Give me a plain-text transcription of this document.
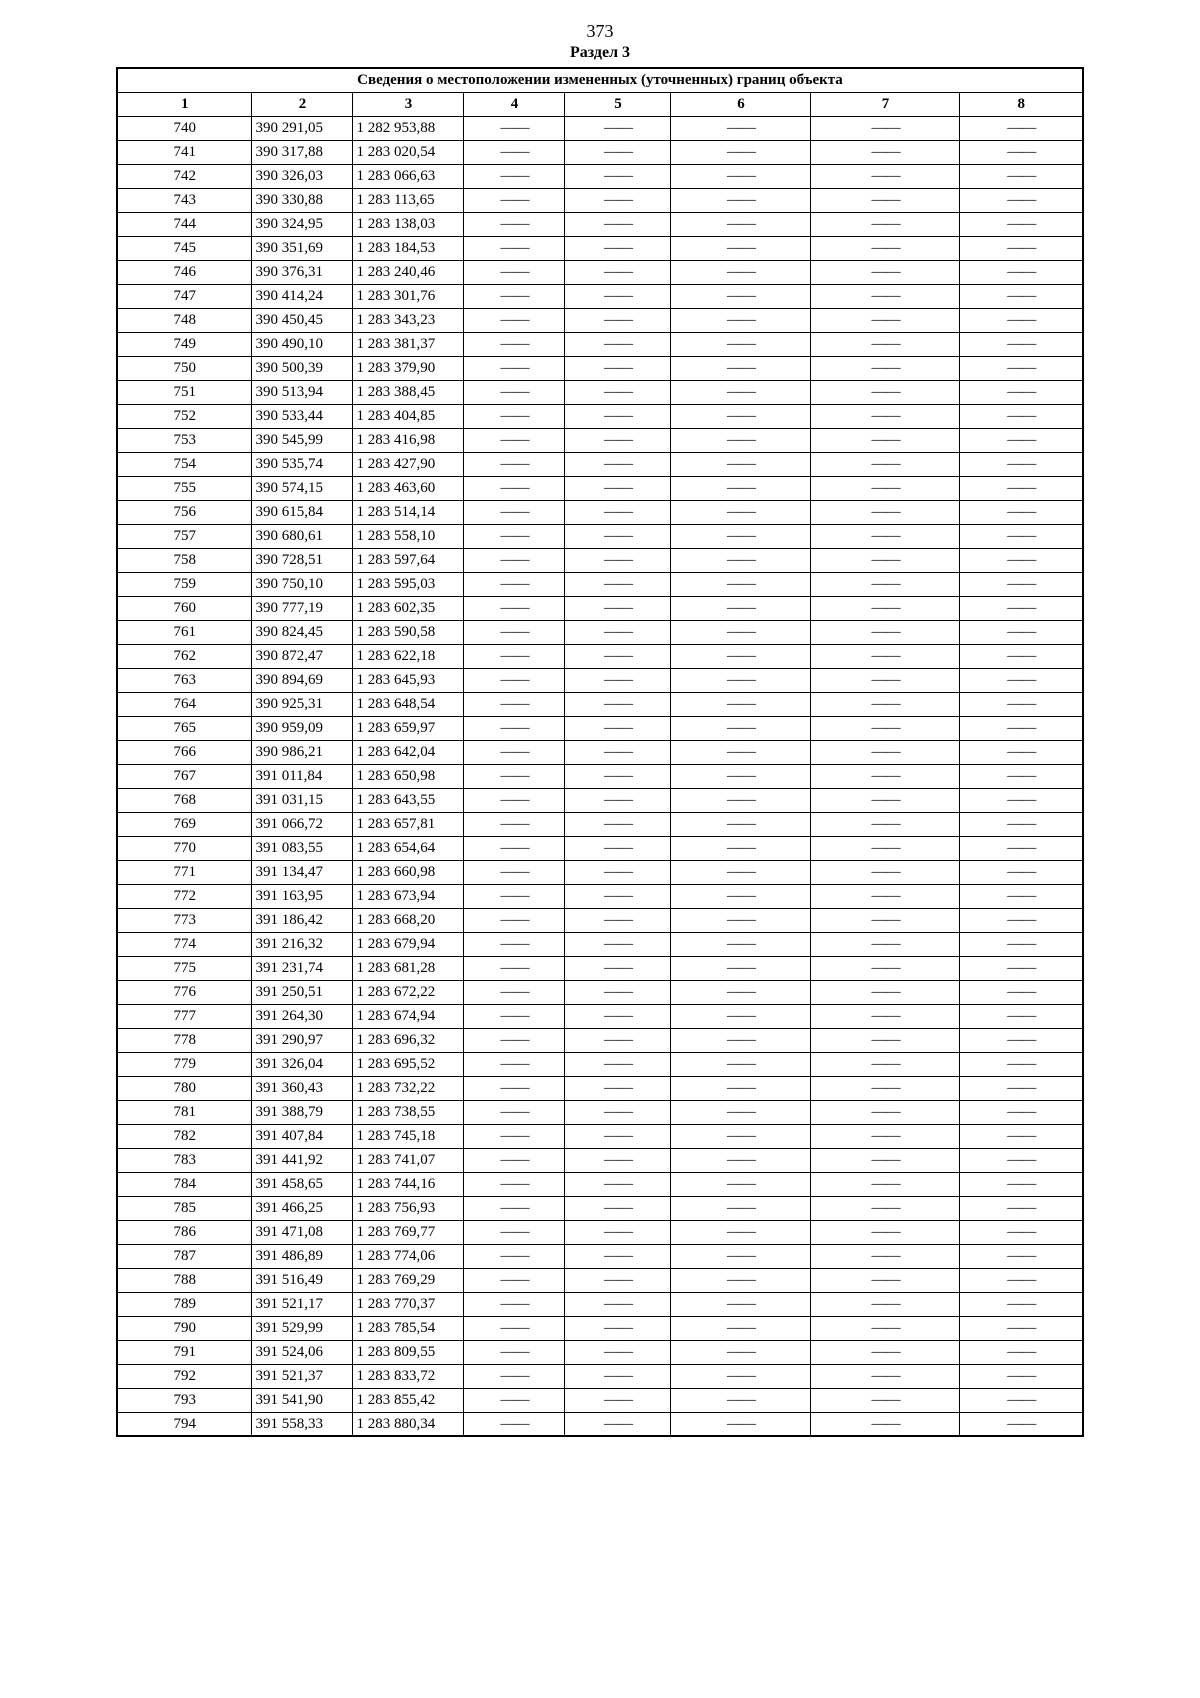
373
Раздел 3
Сведения о местоположении измененных (уточненных) границ объекта							
1	2	3	4	5	6	7	8
740	390 291,05	1 282 953,88	——	——	——	——	——
741	390 317,88	1 283 020,54	——	——	——	——	——
742	390 326,03	1 283 066,63	——	——	——	——	——
743	390 330,88	1 283 113,65	——	——	——	——	——
744	390 324,95	1 283 138,03	——	——	——	——	——
745	390 351,69	1 283 184,53	——	——	——	——	——
746	390 376,31	1 283 240,46	——	——	——	——	——
747	390 414,24	1 283 301,76	——	——	——	——	——
748	390 450,45	1 283 343,23	——	——	——	——	——
749	390 490,10	1 283 381,37	——	——	——	——	——
750	390 500,39	1 283 379,90	——	——	——	——	——
751	390 513,94	1 283 388,45	——	——	——	——	——
752	390 533,44	1 283 404,85	——	——	——	——	——
753	390 545,99	1 283 416,98	——	——	——	——	——
754	390 535,74	1 283 427,90	——	——	——	——	——
755	390 574,15	1 283 463,60	——	——	——	——	——
756	390 615,84	1 283 514,14	——	——	——	——	——
757	390 680,61	1 283 558,10	——	——	——	——	——
758	390 728,51	1 283 597,64	——	——	——	——	——
759	390 750,10	1 283 595,03	——	——	——	——	——
760	390 777,19	1 283 602,35	——	——	——	——	——
761	390 824,45	1 283 590,58	——	——	——	——	——
762	390 872,47	1 283 622,18	——	——	——	——	——
763	390 894,69	1 283 645,93	——	——	——	——	——
764	390 925,31	1 283 648,54	——	——	——	——	——
765	390 959,09	1 283 659,97	——	——	——	——	——
766	390 986,21	1 283 642,04	——	——	——	——	——
767	391 011,84	1 283 650,98	——	——	——	——	——
768	391 031,15	1 283 643,55	——	——	——	——	——
769	391 066,72	1 283 657,81	——	——	——	——	——
770	391 083,55	1 283 654,64	——	——	——	——	——
771	391 134,47	1 283 660,98	——	——	——	——	——
772	391 163,95	1 283 673,94	——	——	——	——	——
773	391 186,42	1 283 668,20	——	——	——	——	——
774	391 216,32	1 283 679,94	——	——	——	——	——
775	391 231,74	1 283 681,28	——	——	——	——	——
776	391 250,51	1 283 672,22	——	——	——	——	——
777	391 264,30	1 283 674,94	——	——	——	——	——
778	391 290,97	1 283 696,32	——	——	——	——	——
779	391 326,04	1 283 695,52	——	——	——	——	——
780	391 360,43	1 283 732,22	——	——	——	——	——
781	391 388,79	1 283 738,55	——	——	——	——	——
782	391 407,84	1 283 745,18	——	——	——	——	——
783	391 441,92	1 283 741,07	——	——	——	——	——
784	391 458,65	1 283 744,16	——	——	——	——	——
785	391 466,25	1 283 756,93	——	——	——	——	——
786	391 471,08	1 283 769,77	——	——	——	——	——
787	391 486,89	1 283 774,06	——	——	——	——	——
788	391 516,49	1 283 769,29	——	——	——	——	——
789	391 521,17	1 283 770,37	——	——	——	——	——
790	391 529,99	1 283 785,54	——	——	——	——	——
791	391 524,06	1 283 809,55	——	——	——	——	——
792	391 521,37	1 283 833,72	——	——	——	——	——
793	391 541,90	1 283 855,42	——	——	——	——	——
794	391 558,33	1 283 880,34	——	——	——	——	——
